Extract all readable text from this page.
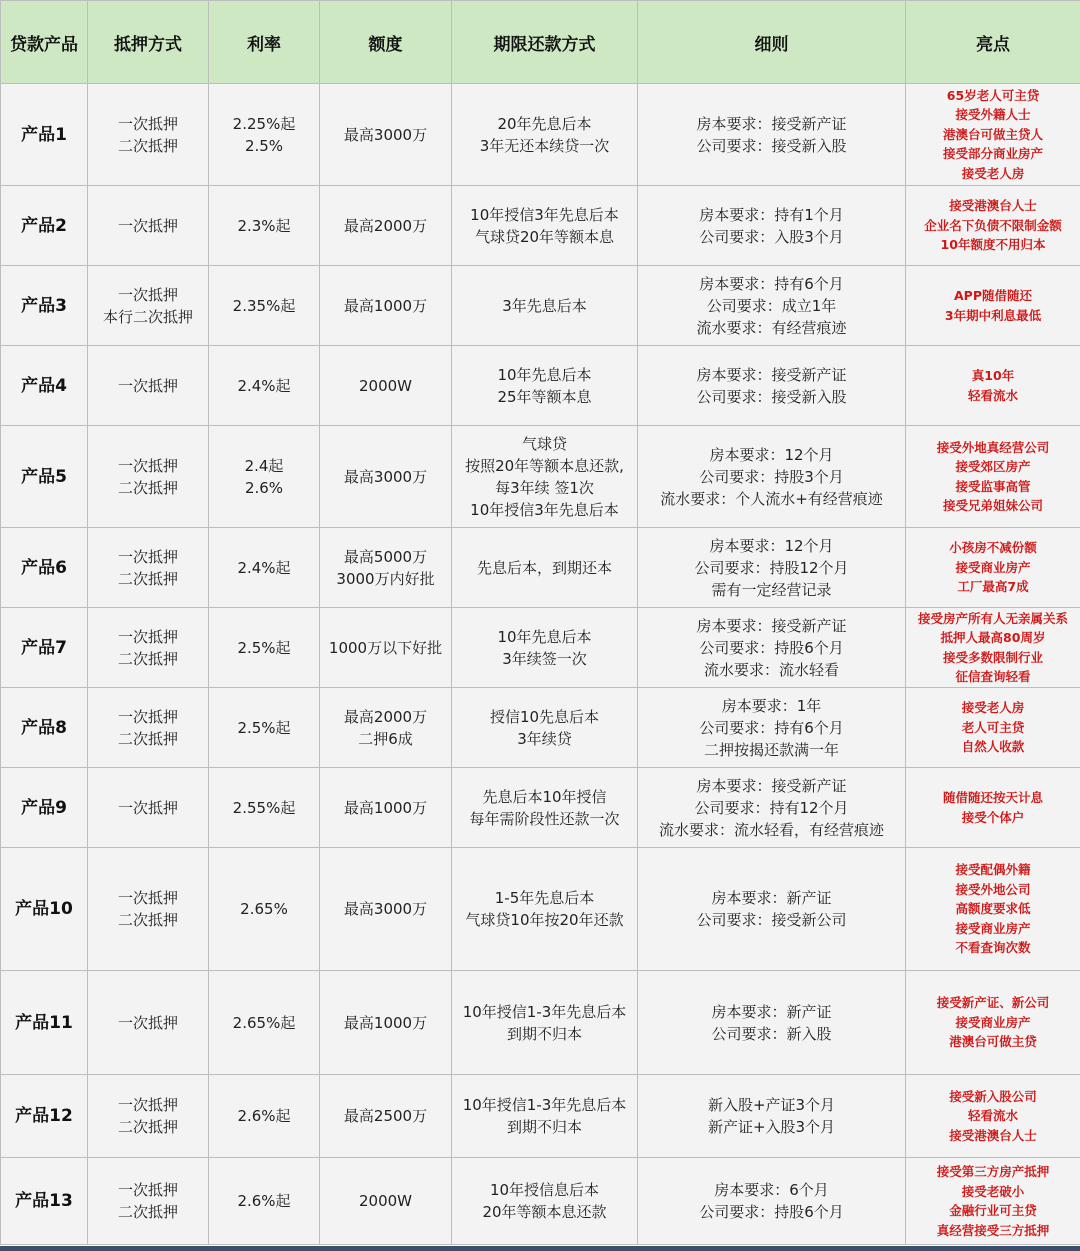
贷款产品	抵押方式	利率	额度	期限还款方式	细则	亮点
产品1	一次抵押
二次抵押	2.25%起
2.5%	最高3000万	20年先息后本
3年无还本续贷一次	房本要求：接受新产证
公司要求：接受新入股	65岁老人可主贷
接受外籍人士
港澳台可做主贷人
接受部分商业房产
接受老人房

产品2	一次抵押	2.3%起	最高2000万	10年授信3年先息后本
气球贷20年等额本息	房本要求：持有1个月
公司要求：入股3个月	接受港澳台人士
企业名下负债不限制金额
10年额度不用归本

产品3	一次抵押
本行二次抵押	2.35%起	最高1000万	3年先息后本	房本要求：持有6个月
公司要求：成立1年
流水要求：有经营痕迹	APP随借随还
3年期中利息最低

产品4	一次抵押	2.4%起	2000W	10年先息后本
25年等额本息	房本要求：接受新产证
公司要求：接受新入股	真10年
轻看流水

产品5	一次抵押
二次抵押	2.4起
2.6%	最高3000万	气球贷
按照20年等额本息还款,
每3年续 签1次
10年授信3年先息后本	房本要求：12个月
公司要求：持股3个月
流水要求：个人流水+有经营痕迹	接受外地真经营公司
接受郊区房产
接受监事高管
接受兄弟姐妹公司

产品6	一次抵押
二次抵押	2.4%起	最高5000万
3000万内好批	先息后本，到期还本	房本要求：12个月
公司要求：持股12个月
需有一定经营记录	小孩房不减份额
接受商业房产
工厂最高7成

产品7	一次抵押
二次抵押	2.5%起	1000万以下好批	10年先息后本
3年续签一次	房本要求：接受新产证
公司要求：持股6个月
流水要求：流水轻看	接受房产所有人无亲属关系
抵押人最高80周岁
接受多数限制行业
征信查询轻看

产品8	一次抵押
二次抵押	2.5%起	最高2000万
二押6成	授信10先息后本
3年续贷	房本要求：1年
公司要求：持有6个月
二押按揭还款满一年	接受老人房
老人可主贷
自然人收款

产品9	一次抵押	2.55%起	最高1000万	先息后本10年授信
每年需阶段性还款一次	房本要求：接受新产证
公司要求：持有12个月
流水要求：流水轻看，有经营痕迹	随借随还按天计息
接受个体户

产品10	一次抵押
二次抵押	2.65%	最高3000万	1-5年先息后本
气球贷10年按20年还款	房本要求：新产证
公司要求：接受新公司	接受配偶外籍
接受外地公司
高额度要求低
接受商业房产
不看查询次数

产品11	一次抵押	2.65%起	最高1000万	10年授信1-3年先息后本
到期不归本	房本要求：新产证
公司要求：新入股	接受新产证、新公司
接受商业房产
港澳台可做主贷

产品12	一次抵押
二次抵押	2.6%起	最高2500万	10年授信1-3年先息后本
到期不归本	新入股+产证3个月
新产证+入股3个月	接受新入股公司
轻看流水
接受港澳台人士

产品13	一次抵押
二次抵押	2.6%起	2000W	10年授信息后本
20年等额本息还款	房本要求：6个月
公司要求：持股6个月	接受第三方房产抵押
接受老破小
金融行业可主贷
真经营接受三方抵押
